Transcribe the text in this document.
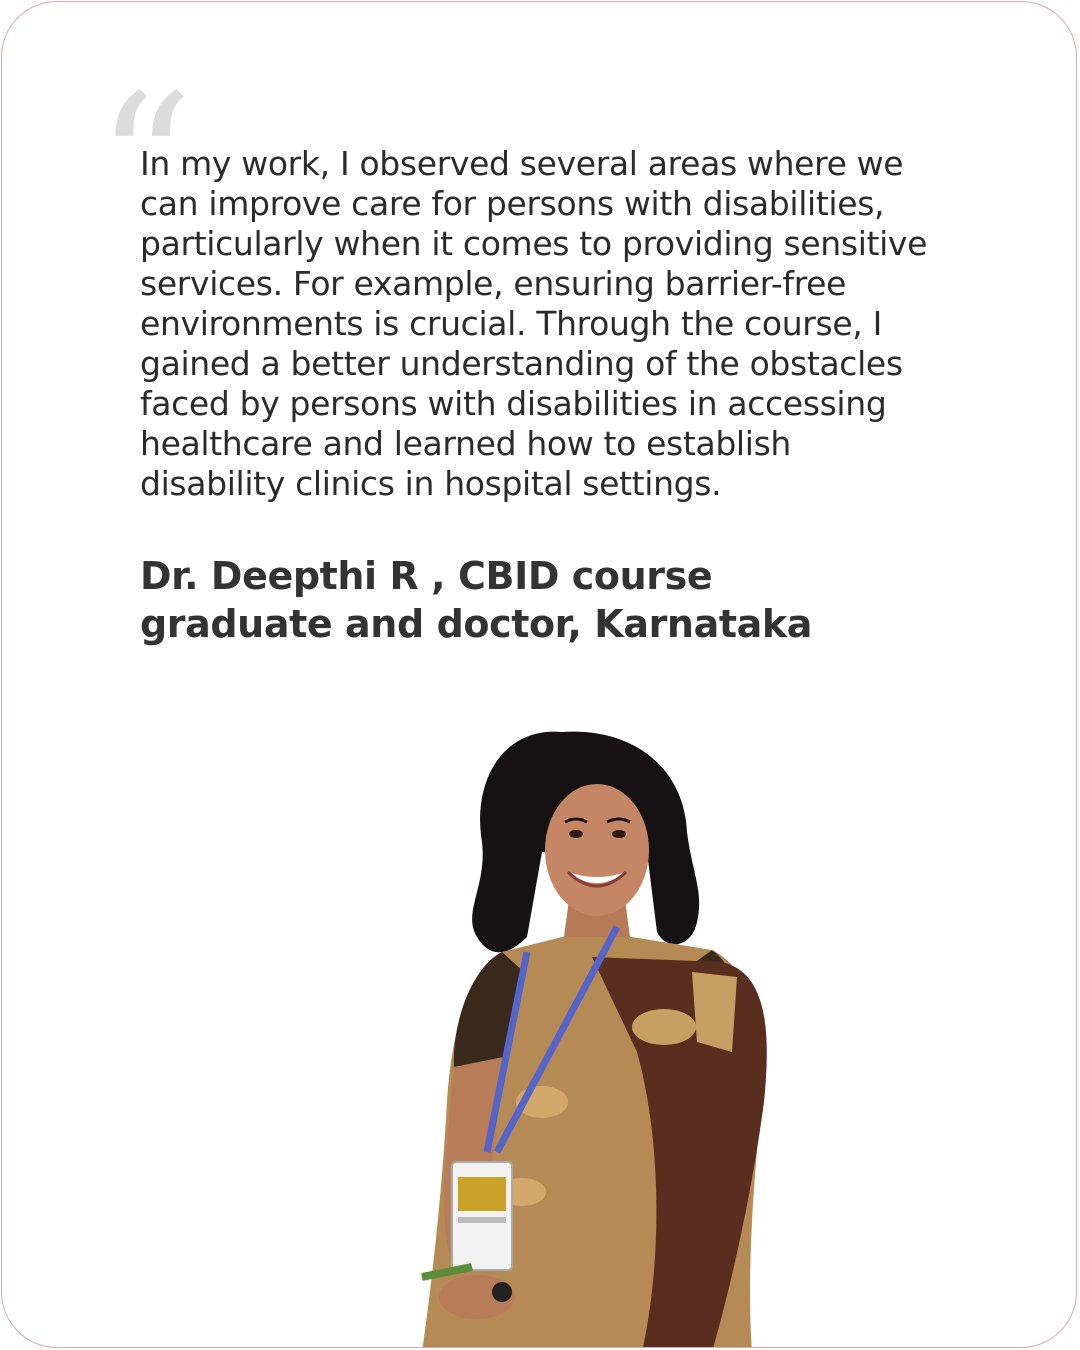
“

In my work, I observed several areas where we can improve care for persons with disabilities, particularly when it comes to providing sensitive services. For example, ensuring barrier-free environments is crucial. Through the course, I gained a better understanding of the obstacles faced by persons with disabilities in accessing healthcare and learned how to establish disability clinics in hospital settings.

Dr. Deepthi R , CBID course graduate and doctor, Karnataka
